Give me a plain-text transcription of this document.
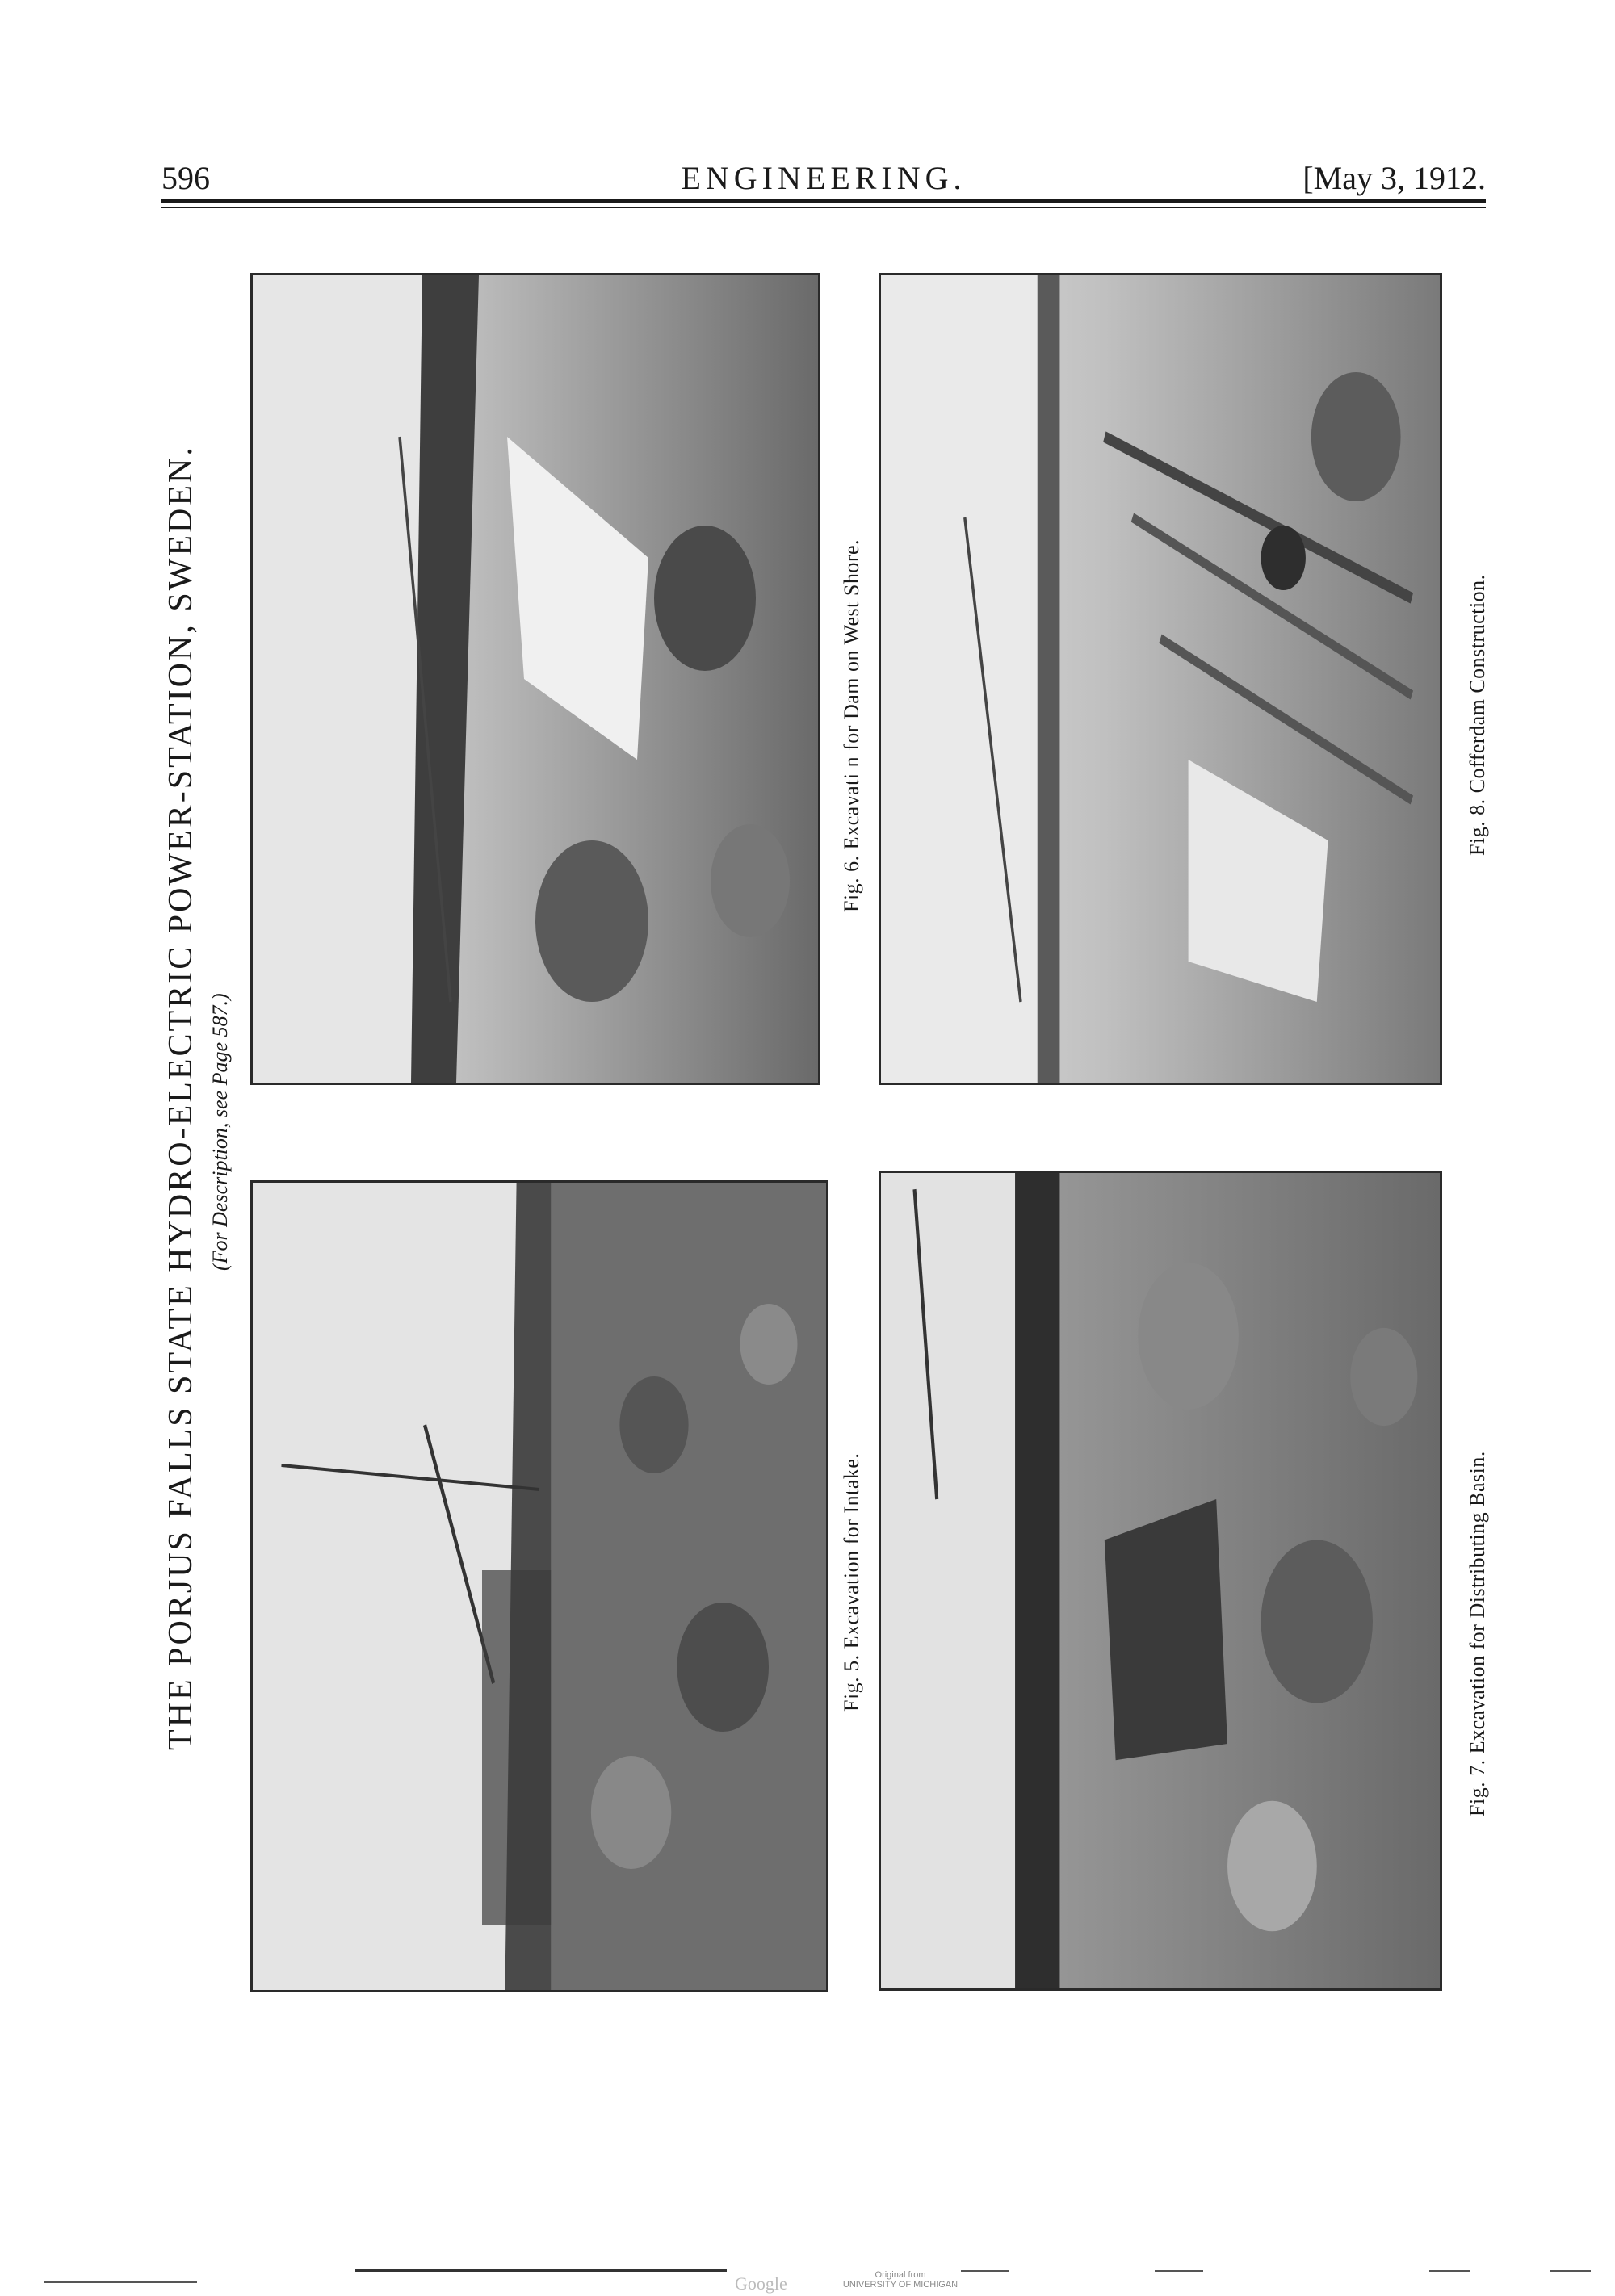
596	ENGINEERING.	[May 3, 1912.
THE PORJUS FALLS STATE HYDRO-ELECTRIC POWER-STATION, SWEDEN. (For Description, see Page 587.)
Fig. 5. Excavation for Intake.
Fig. 6. Excavati n for Dam on West Shore.
Fig. 7. Excavation for Distributing Basin.
Fig. 8. Cofferdam Construction.
Google	Original from
UNIVERSITY OF MICHIGAN
